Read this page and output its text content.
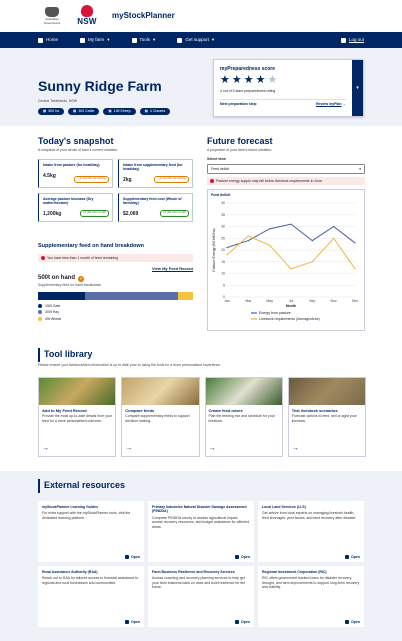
Australian Government	NSW
myStockPlanner
Home	My farm ▾	Tools ▾	Get support ▾	Log out
Sunny Ridge Farm
Central Tablelands, NSW
▦ 800 ha	▦ 300 Cattle	▦ 145 Sheep	▦ 4 Classes
myPreparedness score
★ ★ ★ ★ ★
4 out of 5 stars preparedness rating
Next preparation step:	Review myPlan →
▾
Today's snapshot
A snapshot of your whole of farm's current situation.
Intake from pasture (for head/day)
4.5kg	↑ 4 months remaining
Intake from supplementary feed (for head/day)
2kg	↑ 2 months remaining
Average pasture biomass (Dry matter/hectare)
1,200kg	+1.4% this month
Supplementary feed cost (Whole of farm/day)
$2,069	+1.4% this month
Supplementary feed on hand breakdown
You have less than 1 month of feed remaining
View My Feed Record
500t on hand	?
Supplementary feed on hand breakdown
150t Oats
300t Hay
49t Wheat
Future forecast
A projection of your farm's future situation.
Select view
Feed deficit	▾
Pasture energy supply may fall below livestock requirements in June.
Feed deficit
0
5
10
15
20
25
30
35
40
Jan	Mar	May	Jul	Sep	Nov	Dec
Month
Pasture Energy (MJ ME/ha)
Energy from pasture
Livestock requirements (Average/Area)
Tool library
Please ensure your livestock/farm information is up to date prior to using the tools for a more personalised experience.
Add to My Feed Record
Provide the most up-to-date details from your feed for a more personalised outcome.
→
Compare feeds
Compare supplementary feeds to support decision making.
→
Create feed mixes
Plan the feeding mix and schedule for your livestock.
→
Test livestock scenarios
Forecast options to feed, sell or agist your livestock.
→
External resources
myStockPlanner Learning Guides
For extra support with the myStockPlanner tools, visit the dedicated learning platform.
Open
Primary Industries Natural Disaster Damage Assessment (PINDDA)
Complete PINDDA survey to assess agricultural impact, access recovery resources, and budget assistance for affected areas.
Open
Local Land Services (LLS)
Get advice from local experts on managing livestock health, feed shortages, pest issues, and land recovery after disaster.
Open
Rural Assistance Authority (RAA)
Reach out to RAA for tailored access to financial assistance to regional and rural businesses and communities.
Open
Farm Business Resilience and Recovery Services
Access coaching and recovery planning services to help get your farm business back on track and build resilience for the future.
Open
Regional Investment Corporation (RIC)
RIC offers government backed loans for disaster recovery, drought, and farm improvements to support long-term recovery and viability.
Open
